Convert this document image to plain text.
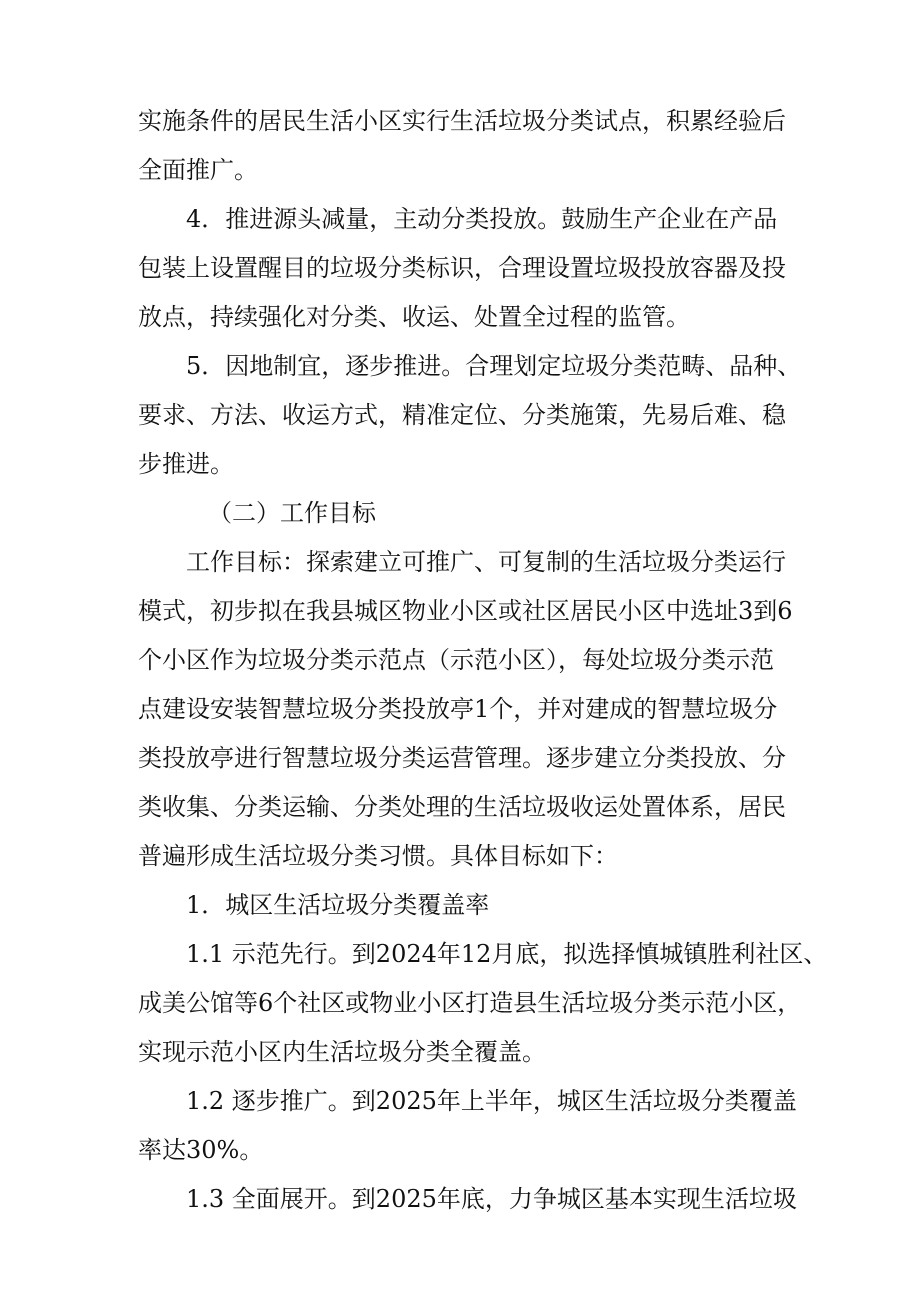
实施条件的居民生活小区实行生活垃圾分类试点，积累经验后
全面推广。
4．推进源头减量，主动分类投放。鼓励生产企业在产品
包装上设置醒目的垃圾分类标识，合理设置垃圾投放容器及投
放点，持续强化对分类、收运、处置全过程的监管。
5．因地制宜，逐步推进。合理划定垃圾分类范畴、品种、
要求、方法、收运方式，精准定位、分类施策，先易后难、稳
步推进。
（二）工作目标
工作目标：探索建立可推广、可复制的生活垃圾分类运行
模式，初步拟在我县城区物业小区或社区居民小区中选址3到6
个小区作为垃圾分类示范点（示范小区），每处垃圾分类示范
点建设安装智慧垃圾分类投放亭1个，并对建成的智慧垃圾分
类投放亭进行智慧垃圾分类运营管理。逐步建立分类投放、分
类收集、分类运输、分类处理的生活垃圾收运处置体系，居民
普遍形成生活垃圾分类习惯。具体目标如下：
1．城区生活垃圾分类覆盖率
1.1 示范先行。到2024年12月底，拟选择慎城镇胜利社区、
成美公馆等6个社区或物业小区打造县生活垃圾分类示范小区，
实现示范小区内生活垃圾分类全覆盖。
1.2 逐步推广。到2025年上半年，城区生活垃圾分类覆盖
率达30%。
1.3 全面展开。到2025年底，力争城区基本实现生活垃圾
